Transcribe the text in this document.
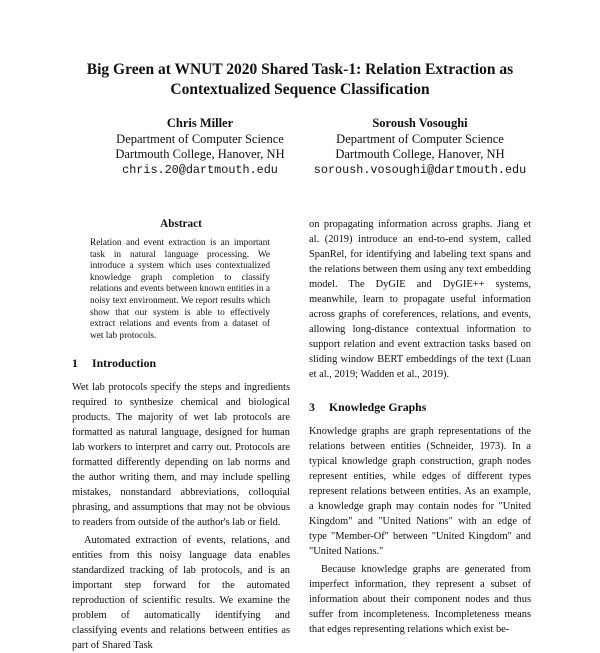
Big Green at WNUT 2020 Shared Task-1: Relation Extraction as
Contextualized Sequence Classification
Chris Miller
Department of Computer Science
Dartmouth College, Hanover, NH
chris.20@dartmouth.edu
Soroush Vosoughi
Department of Computer Science
Dartmouth College, Hanover, NH
soroush.vosoughi@dartmouth.edu
Abstract

Relation and event extraction is an important task in natural language processing. We introduce a system which uses contextualized knowledge graph completion to classify relations and events between known entities in a noisy text environment. We report results which show that our system is able to effectively extract relations and events from a dataset of wet lab protocols.

1 Introduction

Wet lab protocols specify the steps and ingredients required to synthesize chemical and biological products. The majority of wet lab protocols are formatted as natural language, designed for human lab workers to interpret and carry out. Protocols are formatted differently depending on lab norms and the author writing them, and may include spelling mistakes, nonstandard abbreviations, colloquial phrasing, and assumptions that may not be obvious to readers from outside of the author's lab or field.

Automated extraction of events, relations, and entities from this noisy language data enables standardized tracking of lab protocols, and is an important step forward for the automated reproduction of scientific results. We examine the problem of automatically identifying and classifying events and relations between entities as part of Shared Task

on propagating information across graphs. Jiang et al. (2019) introduce an end-to-end system, called SpanRel, for identifying and labeling text spans and the relations between them using any text embedding model. The DyGIE and DyGIE++ systems, meanwhile, learn to propagate useful information across graphs of coreferences, relations, and events, allowing long-distance contextual information to support relation and event extraction tasks based on sliding window BERT embeddings of the text (Luan et al., 2019; Wadden et al., 2019).

3 Knowledge Graphs

Knowledge graphs are graph representations of the relations between entities (Schneider, 1973). In a typical knowledge graph construction, graph nodes represent entities, while edges of different types represent relations between entities. As an example, a knowledge graph may contain nodes for "United Kingdom" and "United Nations" with an edge of type "Member-Of" between "United Kingdom" and "United Nations."

Because knowledge graphs are generated from imperfect information, they represent a subset of information about their component nodes and thus suffer from incompleteness. Incompleteness means that edges representing relations which exist be-
